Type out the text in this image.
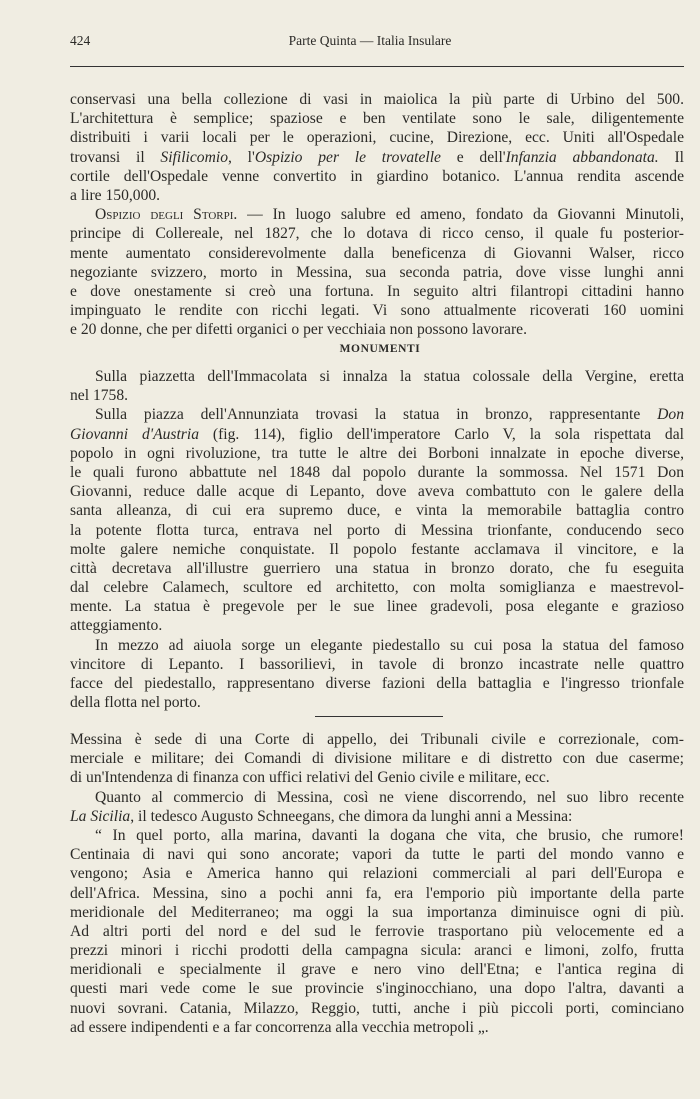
424	Parte Quinta — Italia Insulare
conservasi una bella collezione di vasi in maiolica la più parte di Urbino del 500.
L'architettura è semplice; spaziose e ben ventilate sono le sale, diligentemente
distribuiti i varii locali per le operazioni, cucine, Direzione, ecc. Uniti all'Ospedale
trovansi il Sifilicomio, l'Ospizio per le trovatelle e dell'Infanzia abbandonata. Il
cortile dell'Ospedale venne convertito in giardino botanico. L'annua rendita ascende
a lire 150,000.
Ospizio degli Storpi. — In luogo salubre ed ameno, fondato da Giovanni Minutoli,
principe di Collereale, nel 1827, che lo dotava di ricco censo, il quale fu posterior-
mente aumentato considerevolmente dalla beneficenza di Giovanni Walser, ricco
negoziante svizzero, morto in Messina, sua seconda patria, dove visse lunghi anni
e dove onestamente si creò una fortuna. In seguito altri filantropi cittadini hanno
impinguato le rendite con ricchi legati. Vi sono attualmente ricoverati 160 uomini
e 20 donne, che per difetti organici o per vecchiaia non possono lavorare.
MONUMENTI
Sulla piazzetta dell'Immacolata si innalza la statua colossale della Vergine, eretta
nel 1758.
Sulla piazza dell'Annunziata trovasi la statua in bronzo, rappresentante Don
Giovanni d'Austria (fig. 114), figlio dell'imperatore Carlo V, la sola rispettata dal
popolo in ogni rivoluzione, tra tutte le altre dei Borboni innalzate in epoche diverse,
le quali furono abbattute nel 1848 dal popolo durante la sommossa. Nel 1571 Don
Giovanni, reduce dalle acque di Lepanto, dove aveva combattuto con le galere della
santa alleanza, di cui era supremo duce, e vinta la memorabile battaglia contro
la potente flotta turca, entrava nel porto di Messina trionfante, conducendo seco
molte galere nemiche conquistate. Il popolo festante acclamava il vincitore, e la
città decretava all'illustre guerriero una statua in bronzo dorato, che fu eseguita
dal celebre Calamech, scultore ed architetto, con molta somiglianza e maestrevol-
mente. La statua è pregevole per le sue linee gradevoli, posa elegante e grazioso
atteggiamento.
In mezzo ad aiuola sorge un elegante piedestallo su cui posa la statua del famoso
vincitore di Lepanto. I bassorilievi, in tavole di bronzo incastrate nelle quattro
facce del piedestallo, rappresentano diverse fazioni della battaglia e l'ingresso trionfale
della flotta nel porto.
Messina è sede di una Corte di appello, dei Tribunali civile e correzionale, com-
merciale e militare; dei Comandi di divisione militare e di distretto con due caserme;
di un'Intendenza di finanza con uffici relativi del Genio civile e militare, ecc.
Quanto al commercio di Messina, così ne viene discorrendo, nel suo libro recente
La Sicilia, il tedesco Augusto Schneegans, che dimora da lunghi anni a Messina:
“ In quel porto, alla marina, davanti la dogana che vita, che brusio, che rumore!
Centinaia di navi qui sono ancorate; vapori da tutte le parti del mondo vanno e
vengono; Asia e America hanno qui relazioni commerciali al pari dell'Europa e
dell'Africa. Messina, sino a pochi anni fa, era l'emporio più importante della parte
meridionale del Mediterraneo; ma oggi la sua importanza diminuisce ogni di più.
Ad altri porti del nord e del sud le ferrovie trasportano più velocemente ed a
prezzi minori i ricchi prodotti della campagna sicula: aranci e limoni, zolfo, frutta
meridionali e specialmente il grave e nero vino dell'Etna; e l'antica regina di
questi mari vede come le sue provincie s'inginocchiano, una dopo l'altra, davanti a
nuovi sovrani. Catania, Milazzo, Reggio, tutti, anche i più piccoli porti, cominciano
ad essere indipendenti e a far concorrenza alla vecchia metropoli „.
